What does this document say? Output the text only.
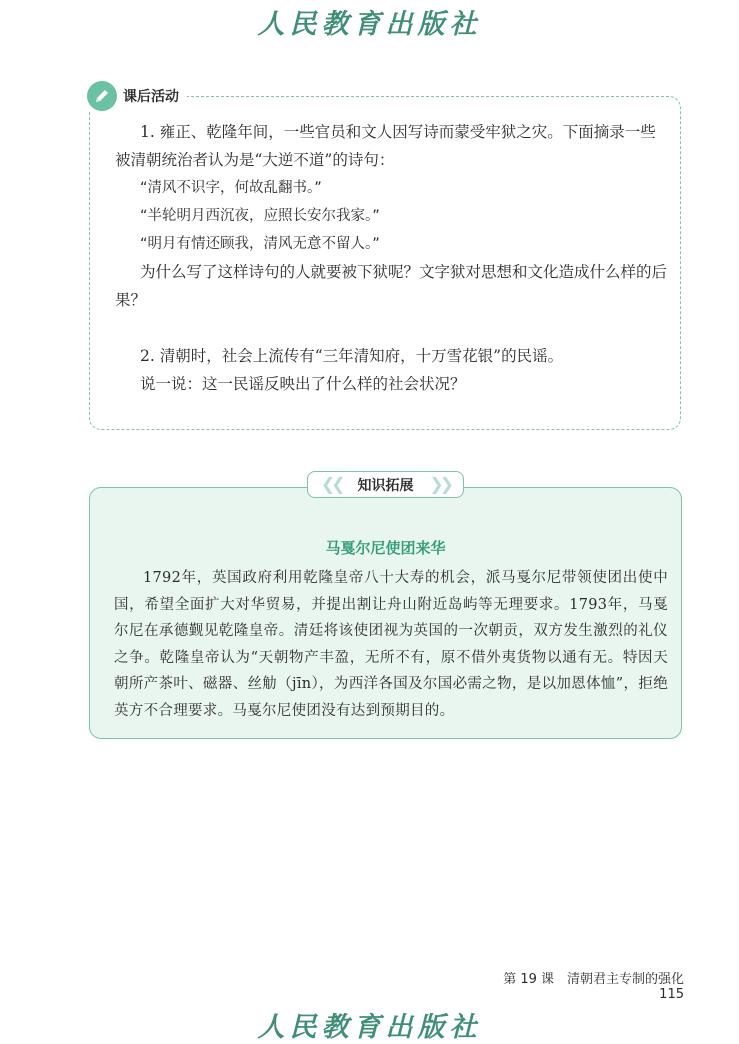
人民教育出版社
课后活动

1. 雍正、乾隆年间，一些官员和文人因写诗而蒙受牢狱之灾。下面摘录一些被清朝统治者认为是“大逆不道”的诗句：

“清风不识字，何故乱翻书。”

“半轮明月西沉夜，应照长安尔我家。”

“明月有情还顾我，清风无意不留人。”

为什么写了这样诗句的人就要被下狱呢？文字狱对思想和文化造成什么样的后果？

2. 清朝时，社会上流传有“三年清知府，十万雪花银”的民谣。

说一说：这一民谣反映出了什么样的社会状况？

❮❮ 知识拓展 ❯❯
马戛尔尼使团来华

1792年，英国政府利用乾隆皇帝八十大寿的机会，派马戛尔尼带领使团出使中国，希望全面扩大对华贸易，并提出割让舟山附近岛屿等无理要求。1793年，马戛尔尼在承德觐见乾隆皇帝。清廷将该使团视为英国的一次朝贡，双方发生激烈的礼仪之争。乾隆皇帝认为“天朝物产丰盈，无所不有，原不借外夷货物以通有无。特因天朝所产茶叶、磁器、丝觔（jīn），为西洋各国及尔国必需之物，是以加恩体恤”，拒绝英方不合理要求。马戛尔尼使团没有达到预期目的。

第 19 课　清朝君主专制的强化115
人民教育出版社
